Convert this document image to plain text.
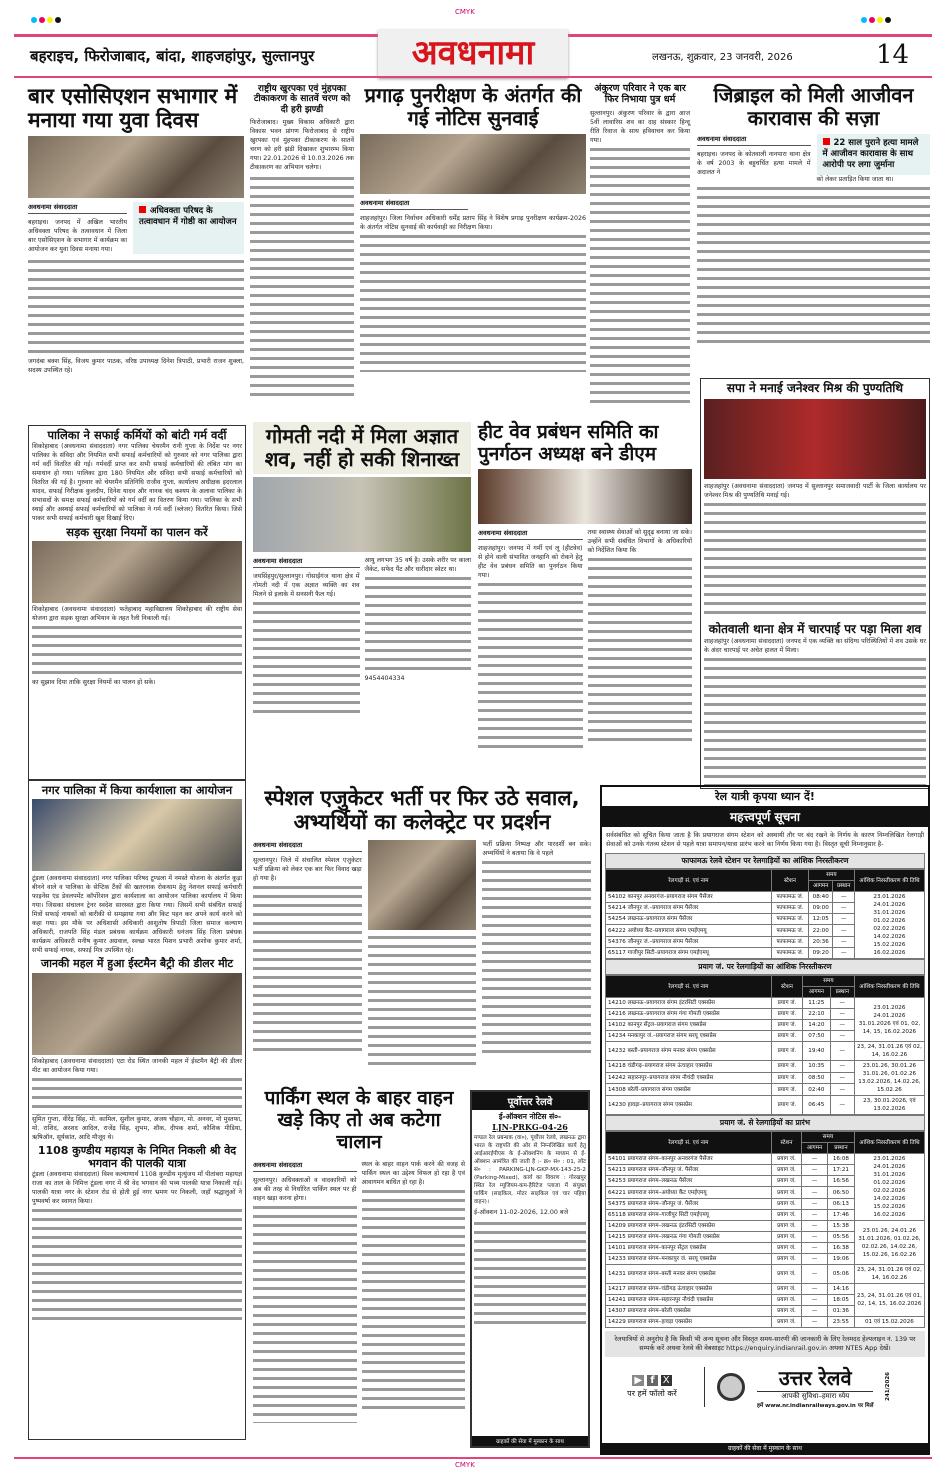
CMYK
बहराइच, फिरोजाबाद, बांदा, शाहजहांपुर, सुल्तानपुर	अवधनामा	लखनऊ, शुक्रवार, 23 जनवरी, 2026	14
बार एसोसिएशन सभागार में मनाया गया युवा दिवस
अवधनामा संवाददाता
बहराइच। जनपद में अखिल भारतीय अधिवक्ता परिषद के तत्वावधान में जिला बार एसोसिएशन के सभागार में कार्यक्रम का आयोजन कर युवा दिवस मनाया गया।
अधिवक्ता परिषद के तत्वावधान में गोष्ठी का आयोजन
जगदंबा बक्श सिंह, विजय कुमार पाठक, वरिष्ठ उपाध्यक्ष दिनेश त्रिपाठी, प्रभारी राजन शुक्ला, सदस्य उपस्थित रहे।
राष्ट्रीय खुरपका एवं मुंहपका टीकाकरण के सातवें चरण को दी हरी झण्डी
फिरोजाबाद। मुख्य विकास अधिकारी द्वारा विकास भवन प्रांगण फिरोजाबाद से राष्ट्रीय खुरपका एवं मुंहपका टीकाकरण के सातवें चरण को हरी झंडी दिखाकर शुभारम्भ किया गया। 22.01.2026 से 10.03.2026 तक टीकाकरण का अभियान चलेगा।
प्रगाढ़ पुनरीक्षण के अंतर्गत की गई नोटिस सुनवाई
अवधनामा संवाददाता
शाहजहांपुर। जिला निर्वाचन अधिकारी धर्मेंद्र प्रताप सिंह ने विशेष प्रगाढ़ पुनरीक्षण कार्यक्रम-2026 के अंतर्गत नोटिस सुनवाई की कार्यवाही का निरीक्षण किया।
अंकुरण परिवार ने एक बार फिर निभाया पुत्र धर्म
सुल्तानपुर। अंकुरण परिवार के द्वारा आज 5वीं लावारिस शव का दाह संस्कार हिन्दू रीति रिवाज के साथ हविवाचन कर किया गया।
जिब्राइल को मिली आजीवन कारावास की सज़ा
अवधनामा संवाददाता
बहराइच। जनपद के कोतवाली नानपारा थाना क्षेत्र के वर्ष 2003 के बहुचर्चित हत्या मामले में अदालत ने
22 साल पुराने हत्या मामले में आजीवन कारावास के साथ आरोपी पर लगा जुर्माना
को लेकर प्रताड़ित किया जाता था।
सपा ने मनाई जनेश्वर मिश्र की पुण्यतिथि
शाहजहांपुर (अवधनामा संवाददाता) जनपद में सुल्तानपुर समाजवादी पार्टी के जिला कार्यालय पर जनेश्वर मिश्र की पुण्यतिथि मनाई गई।
कोतवाली थाना क्षेत्र में चारपाई पर पड़ा मिला शव
शाहजहांपुर (अवधनामा संवाददाता) जनपद में एक व्यक्ति का संदिग्ध परिस्थितियों में शव उसके घर के अंदर चारपाई पर अचेत हालत में मिला।
पालिका ने सफाई कर्मियों को बांटी गर्म वर्दी
शिकोहाबाद (अवधनामा संवाददाता) नगर पालिका चेयरमैन रानी गुप्ता के निर्देश पर नगर पालिका के संविदा और नियमित सभी सफाई कर्मचारियों को गुरुवार को नगर पालिका द्वारा गर्म वर्दी वितरित की गई। गर्मवर्दी प्राप्त कर सभी सफाई कर्मचारियों की लंबित मांग का समाधान हो गया। पालिका द्वारा 180 नियमित और संविदा सभी सफाई कर्मचारियों को वितरित की गई है। गुरुवार को चेयरमैन प्रतिनिधि राजीव गुप्ता, कार्यालय अधीक्षक इदरलाल यादव, सफाई निरीक्षक कुलदीप, दिनेश यादव और नानक चंद कश्यप के अलावा पालिका के सभासदों के समक्ष सफाई कर्मचारियों को गर्म वर्दी का वितरण किया गया। पालिका के सभी स्थाई और अस्थाई सफाई कर्मचारियों को पालिका ने गर्म वर्दी (ब्लेजर) वितरित किया। जिसे पाकर सभी सफाई कर्मचारी खुश दिखाई दिए।
सड़क सुरक्षा नियमों का पालन करें
शिकोहाबाद (अवधनामा संवाददाता) फतेहाबाद महाविद्यालय शिकोहाबाद की राष्ट्रीय सेवा योजना द्वारा सड़क सुरक्षा अभियान के तहत रैली निकाली गई।
का सुझाव दिया ताकि सुरक्षा नियमों का पालन हो सके।
नगर पालिका में किया कार्यशाला का आयोजन
टूंडला (अवधनामा संवाददाता) नगर पालिका परिषद टूण्डला में नमस्ते योजना के अंतर्गत कूड़ा बीनने वाले व पालिका के सेप्टिक टैंकों की खतरनाक रोकथाम हेतु नेशनल सफाई कर्मचारी फाइनेंस एंड डेवलपमेंट कॉर्पोरेशन द्वारा कार्यशाला का आयोजन पालिका कार्यालय में किया गया। जिसका संचालन ट्रेनर स्वदेश सारस्वत द्वारा किया गया। जिसमें सभी संबंधित सफाई मित्रों सफाई नायकों को बारीकी से समझाया गया और किट पहन कर अपने कार्य करने को कहा गया। इस मौके पर अधिशासी अधिकारी आशुतोष त्रिपाठी जिला समाज कल्याण अधिकारी, राजपति सिंह मंडल प्रबंधक कार्यक्रम अधिकारी धनंजय सिंह जिला प्रबंधक कार्यक्रम अधिकारी मनीष कुमार अग्रवाल, स्वच्छ भारत मिशन प्रभारी अशोक कुमार शर्मा, सभी सफाई नायक, सफाई मित्र उपस्थित रहे।
जानकी महल में हुआ ईस्टमैन बैट्री की डीलर मीट
शिकोहाबाद (अवधनामा संवाददाता) एटा रोड स्थित जानकी महल में ईस्टमैन बैट्री की डीलर मीट का आयोजन किया गया।
सुमित गुप्ता, वीरेंद्र सिंह, मो. कामिल, सुशील कुमार, अजय चौहान, मो. अनवर, मो मुस्तफा, मो. राशिद, अरशद आदिल, राजेंद्र सिंह, शुभम, शौक, दीपक शर्मा, कौशिक मीडिया, ऋषिऑन, सूर्यकांत, आदि मौजूद थे।
1108 कुण्डीय महायज्ञ के निमित निकली श्री वेद भगवान की पालकी यात्रा
टूंडला (अवधनामा संवाददाता) विश्व कल्याणार्थ 1108 कुण्डीय मृत्युंजय माँ पीतांबरा महायज्ञ राजा का ताल के निमित्त टूंडला नगर में श्री वेद भगवान की भव्य पालकी यात्रा निकाली गई। पालकी यात्रा नगर के स्टेशन रोड से होती हुई नगर भ्रमण पर निकली, जहाँ श्रद्धालुओं ने पुष्पवर्षा कर स्वागत किया।
गोमती नदी में मिला अज्ञात शव, नहीं हो सकी शिनाख्त
अवधनामा संवाददाता
जयसिंहपुर/सुल्तानपुर। गोसाईंगंज थाना क्षेत्र में गोमती नदी में एक अज्ञात व्यक्ति का शव मिलने से इलाके में सनसनी फैल गई।
आयु लगभग 35 वर्ष है। उसके शरीर पर काला जैकेट, सफेद पैंट और धारीदार स्वेटर था।
9454404334
हीट वेव प्रबंधन समिति का पुनर्गठन अध्यक्ष बने डीएम
अवधनामा संवाददाता
शाहजहांपुर। जनपद में गर्मी एवं लू (हीटवेव) से होने वाली संभावित जनहानि को रोकने हेतु हीट वेव प्रबंधन समिति का पुनर्गठन किया गया।
तथा स्वास्थ्य सेवाओं को सुदृढ़ बनाया जा सके। उन्होंने सभी संबंधित विभागों के अधिकारियों को निर्देशित किया कि
स्पेशल एजुकेटर भर्ती पर फिर उठे सवाल, अभ्यर्थियों का कलेक्ट्रेट पर प्रदर्शन
अवधनामा संवाददाता
सुल्तानपुर। जिले में संचालित स्पेशल एजुकेटर भर्ती प्रक्रिया को लेकर एक बार फिर विवाद खड़ा हो गया है।
भर्ती प्रक्रिया निष्पक्ष और पारदर्शी बन सके। अभ्यर्थियों ने बताया कि वे पहले
पार्किंग स्थल के बाहर वाहन खड़े किए तो अब कटेगा चालान
अवधनामा संवाददाता
सुल्तानपुर। अधिवक्ताओं व वादकारियों को अब की तरह से निर्धारित पार्किंग स्थल पर ही वाहन खड़ा करना होगा।
स्थल के बाहर वाहन पार्क करने की वजह से पार्किंग स्थल का उद्देश्य विफल हो रहा है एवं आवागमन बाधित हो रहा है।
पूर्वोत्तर रेलवे
ई-ऑक्शन नोटिस सं०-
LJN-PRKG-04-26
मण्डल रेल प्रबन्धक (वा०), पूर्वोत्तर रेलवे, लखनऊ द्वारा भारत के राष्ट्रपति की ओर से निम्नलिखित कार्य हेतु आईआरईपीएस के ई-ऑक्शनिंग के माध्यम से ई-ऑक्शन आमंत्रित की जाती है :- क्र० सं० : 01, लॉट सं० : PARKING-LJN-GKP-MX-143-25-2 (Parking-Mixed), कार्य का विवरण : गोरखपुर स्थित रेल म्यूजियम-कम-हैरिटेज प्लाजा में संयुक्त पार्किंग (साइकिल, मोटर साइकिल एवं चार पहिया वाहन)।
ई-ऑक्शन 11-02-2026, 12.00 बजे
ग्राहकों की सेवा में मुस्कान के साथ
रेल यात्री कृपया ध्यान दें!
महत्त्वपूर्ण सूचना
सर्वसंबंधित को सूचित किया जाता है कि प्रयागराज संगम स्टेशन को अस्थायी तौर पर बंद रखने के निर्णय के कारण निम्नलिखित रेलगाड़ी सेवाओं को उनके गंतव्य स्टेशन से पहले यात्रा समापन/यात्रा प्रारंभ करने का निर्णय किया गया है। विस्तृत सूची निम्नानुसार है-
फाफामऊ रेलवे स्टेशन पर रेलगाड़ियों का आंशिक निरस्तीकरण
रेलगाड़ी सं. एवं नाम	स्टेशन	समय		आंशिक निरस्तीकरण की तिथि
		आगमन	प्रस्थान	
54102 कानपुर अनवरगंज–प्रयागराज संगम पैसेंजर	फाफामऊ जं.	08:40	—	23.01.2026 24.01.2026 31.01.2026 01.02.2026 02.02.2026 14.02.2026 15.02.2026 16.02.2026
54214 जौनपुर जं.–प्रयागराज संगम पैसेंजर	फाफामऊ जं.	09:00	—	
54254 लखनऊ–प्रयागराज संगम पैसेंजर	फाफामऊ जं.	12:05	—	
64222 अयोध्या कैंट–प्रयागराज संगम एमईएमयू	फाफामऊ जं.	22:00	—	
54376 जौनपुर जं.–प्रयागराज संगम पैसेंजर	फाफामऊ जं.	20:36	—	
65117 गाजीपुर सिटी–प्रयागराज संगम एमईएमयू	फाफामऊ जं.	09:20	—	
प्रयाग जं. पर रेलगाड़ियों का आंशिक निरस्तीकरण
रेलगाड़ी सं. एवं नाम	स्टेशन	समय		आंशिक निरस्तीकरण की तिथि
		आगमन	प्रस्थान	
14210 लखनऊ–प्रयागराज संगम इंटरसिटी एक्सप्रेस	प्रयाग जं.	11:25	—	23.01.2026 24.01.2026 31.01.2026 एवं 01, 02, 14, 15, 16.02.2026
14216 लखनऊ–प्रयागराज संगम गंगा गोमती एक्सप्रेस	प्रयाग जं.	22:10	—	
14102 कानपुर सेंट्रल–प्रयागराज संगम एक्सप्रेस	प्रयाग जं.	14:20	—	
14234 मनकापुर जं.–प्रयागराज संगम सरयू एक्सप्रेस	प्रयाग जं.	07:50	—	
14232 बस्ती–प्रयागराज संगम मनवर संगम एक्सप्रेस	प्रयाग जं.	19:40	—	23, 24, 31.01.26 एवं 02, 14, 16.02.26
14218 चंडीगढ़–प्रयागराज संगम ऊंचाहार एक्सप्रेस	प्रयाग जं.	10:35	—	23.01.26, 30.01.26 31.01.26, 01.02.26 13.02.2026, 14.02.26, 15.02.26
14242 सहारनपुर–प्रयागराज संगम नौचंदी एक्सप्रेस	प्रयाग जं.	08:50	—	
14308 बरेली–प्रयागराज संगम एक्सप्रेस	प्रयाग जं.	02:40	—	
14230 हावड़ा–प्रयागराज संगम एक्सप्रेस	प्रयाग जं.	06:45	—	23, 30.01.2026, एवं 13.02.2026
प्रयाग जं. से रेलगाड़ियों का प्रारंभ
रेलगाड़ी सं. एवं नाम	स्टेशन	समय		आंशिक निरस्तीकरण की तिथि
		आगमन	प्रस्थान	
54101 प्रयागराज संगम–कानपुर अनवरगंज पैसेंजर	प्रयाग जं.	—	16:08	23.01.2026 24.01.2026 31.01.2026 01.02.2026 02.02.2026 14.02.2026 15.02.2026 16.02.2026
54213 प्रयागराज संगम–जौनपुर जं. पैसेंजर	प्रयाग जं.	—	17:21	
54253 प्रयागराज संगम–लखनऊ पैसेंजर	प्रयाग जं.	—	16:56	
64221 प्रयागराज संगम–अयोध्या कैंट एमईएमयू	प्रयाग जं.	—	06:50	
54375 प्रयागराज संगम–जौनपुर जं. पैसेंजर	प्रयाग जं.	—	06:13	
65118 प्रयागराज संगम–गाजीपुर सिटी एमईएमयू	प्रयाग जं.	—	17:46	
14209 प्रयागराज संगम–लखनऊ इंटरसिटी एक्सप्रेस	प्रयाग जं.	—	15:38	23.01.26, 24.01.26 31.01.2026, 01.02.26, 02.02.26, 14.02.26, 15.02.26, 16.02.26
14215 प्रयागराज संगम–लखनऊ गंगा गोमती एक्सप्रेस	प्रयाग जं.	—	05:56	
14101 प्रयागराज संगम–कानपुर सेंट्रल एक्सप्रेस	प्रयाग जं.	—	16:38	
14233 प्रयागराज संगम–मनकापुर जं. सरयू एक्सप्रेस	प्रयाग जं.	—	19:06	
14231 प्रयागराज संगम–बस्ती मनवर संगम एक्सप्रेस	प्रयाग जं.	—	05:06	23, 24, 31.01.26 एवं 02, 14, 16.02.26
14217 प्रयागराज संगम–चंडीगढ़ ऊंचाहार एक्सप्रेस	प्रयाग जं.	—	14:16	23, 24, 31.01.26 एवं 01, 02, 14, 15, 16.02.2026
14241 प्रयागराज संगम–सहारनपुर नौचंदी एक्सप्रेस	प्रयाग जं.	—	18:05	
14307 प्रयागराज संगम–बरेली एक्सप्रेस	प्रयाग जं.	—	01:36	
14229 प्रयागराज संगम–हावड़ा एक्सप्रेस	प्रयाग जं.	—	23:55	01 एवं 15.02.2026
रेलयात्रियों से अनुरोध है कि किसी भी अन्य सूचना और विस्तृत समय-सारणी की जानकारी के लिए रेलमदद हेल्पलाइन नं. 139 पर सम्पर्क करें अथवा रेलवे की वेबसाइट https://enquiry.indianrail.gov.in अथवा NTES App देखें।
▶ f X
पर हमें फॉलो करें
उत्तर रेलवे
आपकी सुविधा–हमारा ध्येय
हमें www.nr.indianrailways.gov.in पर मिलें
241/2026
ग्राहकों की सेवा में मुस्कान के साथ
CMYK
